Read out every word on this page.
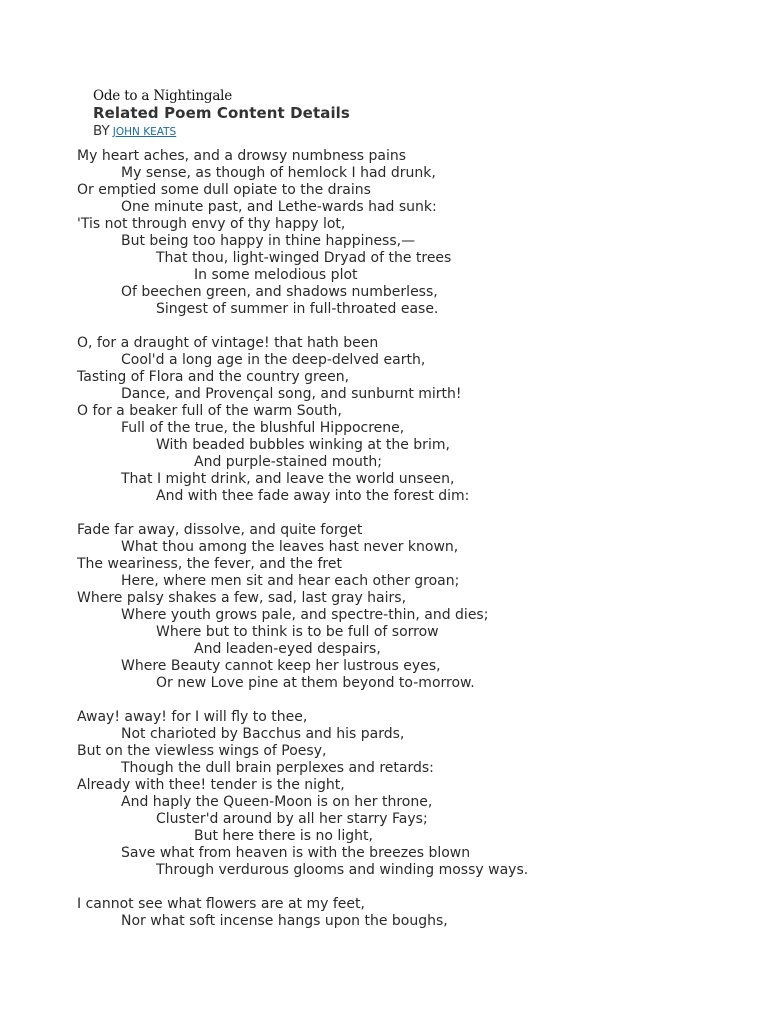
Ode to a Nightingale
Related Poem Content Details
BY JOHN KEATS
My heart aches, and a drowsy numbness pains
My sense, as though of hemlock I had drunk,
Or emptied some dull opiate to the drains
One minute past, and Lethe-wards had sunk:
'Tis not through envy of thy happy lot,
But being too happy in thine happiness,—
That thou, light-winged Dryad of the trees
In some melodious plot
Of beechen green, and shadows numberless,
Singest of summer in full-throated ease.
O, for a draught of vintage! that hath been
Cool'd a long age in the deep-delved earth,
Tasting of Flora and the country green,
Dance, and Provençal song, and sunburnt mirth!
O for a beaker full of the warm South,
Full of the true, the blushful Hippocrene,
With beaded bubbles winking at the brim,
And purple-stained mouth;
That I might drink, and leave the world unseen,
And with thee fade away into the forest dim:
Fade far away, dissolve, and quite forget
What thou among the leaves hast never known,
The weariness, the fever, and the fret
Here, where men sit and hear each other groan;
Where palsy shakes a few, sad, last gray hairs,
Where youth grows pale, and spectre-thin, and dies;
Where but to think is to be full of sorrow
And leaden-eyed despairs,
Where Beauty cannot keep her lustrous eyes,
Or new Love pine at them beyond to-morrow.
Away! away! for I will fly to thee,
Not charioted by Bacchus and his pards,
But on the viewless wings of Poesy,
Though the dull brain perplexes and retards:
Already with thee! tender is the night,
And haply the Queen-Moon is on her throne,
Cluster'd around by all her starry Fays;
But here there is no light,
Save what from heaven is with the breezes blown
Through verdurous glooms and winding mossy ways.
I cannot see what flowers are at my feet,
Nor what soft incense hangs upon the boughs,
